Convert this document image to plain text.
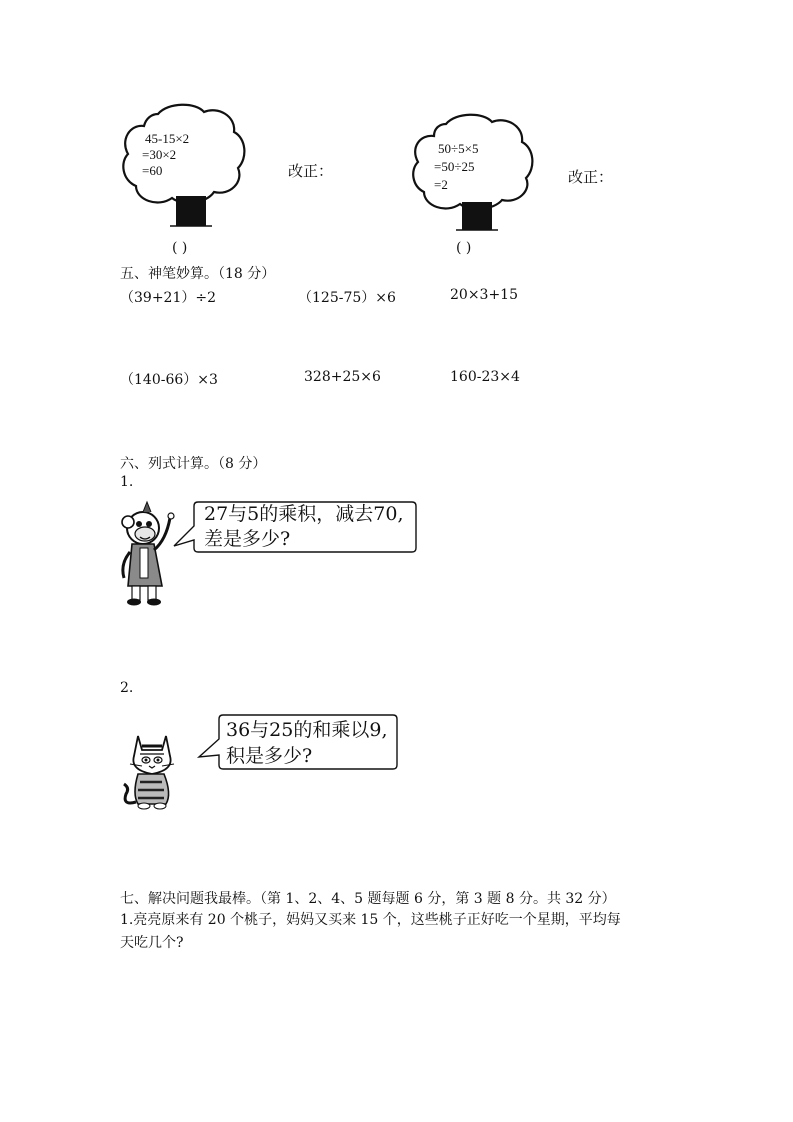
45-15×2
=30×2
=60
( )
改正：
50÷5×5
=50÷25
=2
( )
改正：
五、神笔妙算。（18 分）
（39+21）÷2	（125-75）×6	20×3+15
（140-66）×3	328+25×6	160-23×4
六、列式计算。（8 分）
1.
27与5的乘积，减去70,
差是多少?
2.
36与25的和乘以9,
积是多少?
七、解决问题我最棒。（第 1、2、4、5 题每题 6 分，第 3 题 8 分。共 32 分）
1.亮亮原来有 20 个桃子，妈妈又买来 15 个，这些桃子正好吃一个星期，平均每
天吃几个?
